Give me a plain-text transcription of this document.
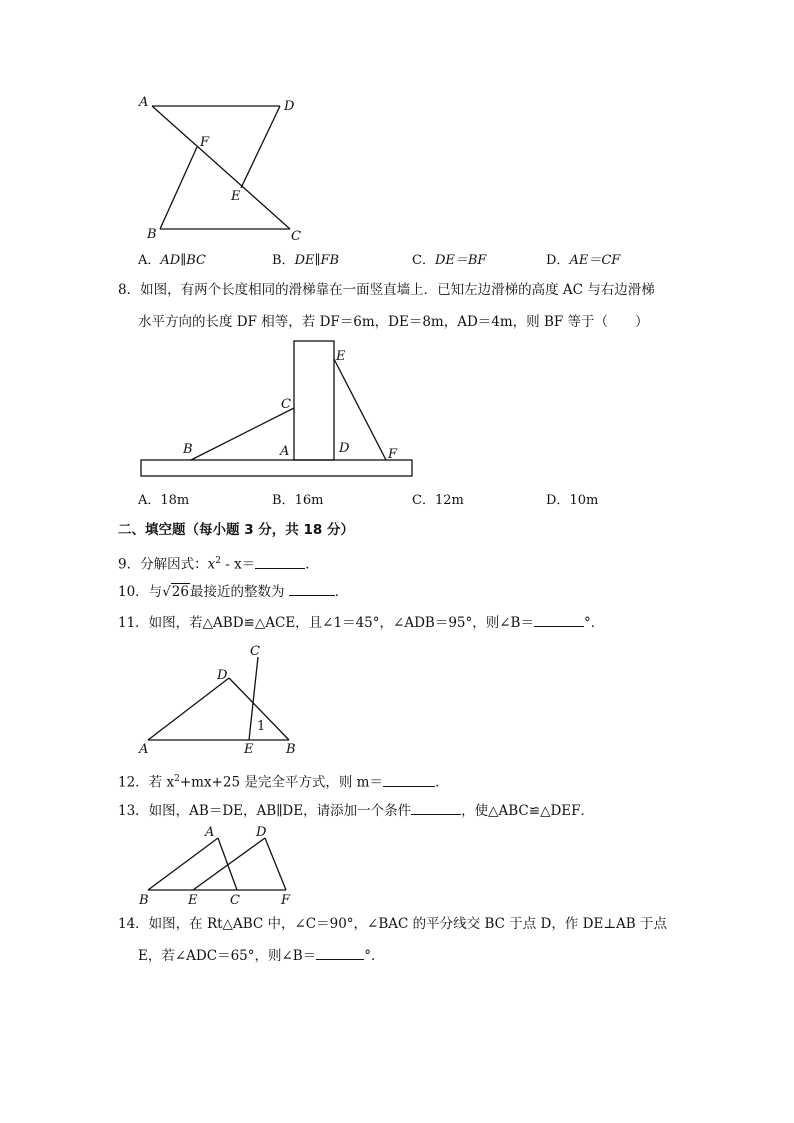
A	D
F
E
B	C
A．AD∥BC	B．DE∥FB	C．DE＝BF	D．AE＝CF
8．如图，有两个长度相同的滑梯靠在一面竖直墙上．已知左边滑梯的高度 AC 与右边滑梯
水平方向的长度 DF 相等，若 DF＝6m，DE＝8m，AD＝4m，则 BF 等于（　　）
E
C
B	A	D	F
A．18m	B．16m	C．12m	D．10m
二、填空题（每小题 3 分，共 18 分）
9．分解因式：$x^2 - x=$	．
10．与√26最接近的整数为	．
11．如图，若△ABD≌△ACE，且∠1＝45°，∠ADB＝95°，则∠B＝	°．
C
D
1
A	E	B
12．若 $x^2+mx+25$ 是完全平方式，则 m＝	．
13．如图，AB＝DE，AB∥DE，请添加一个条件	，使△ABC≌△DEF．
A	D
B	E	C	F
14．如图，在 Rt△ABC 中，∠C＝90°，∠BAC 的平分线交 BC 于点 D，作 DE⊥AB 于点
E，若∠ADC＝65°，则∠B＝	°．
